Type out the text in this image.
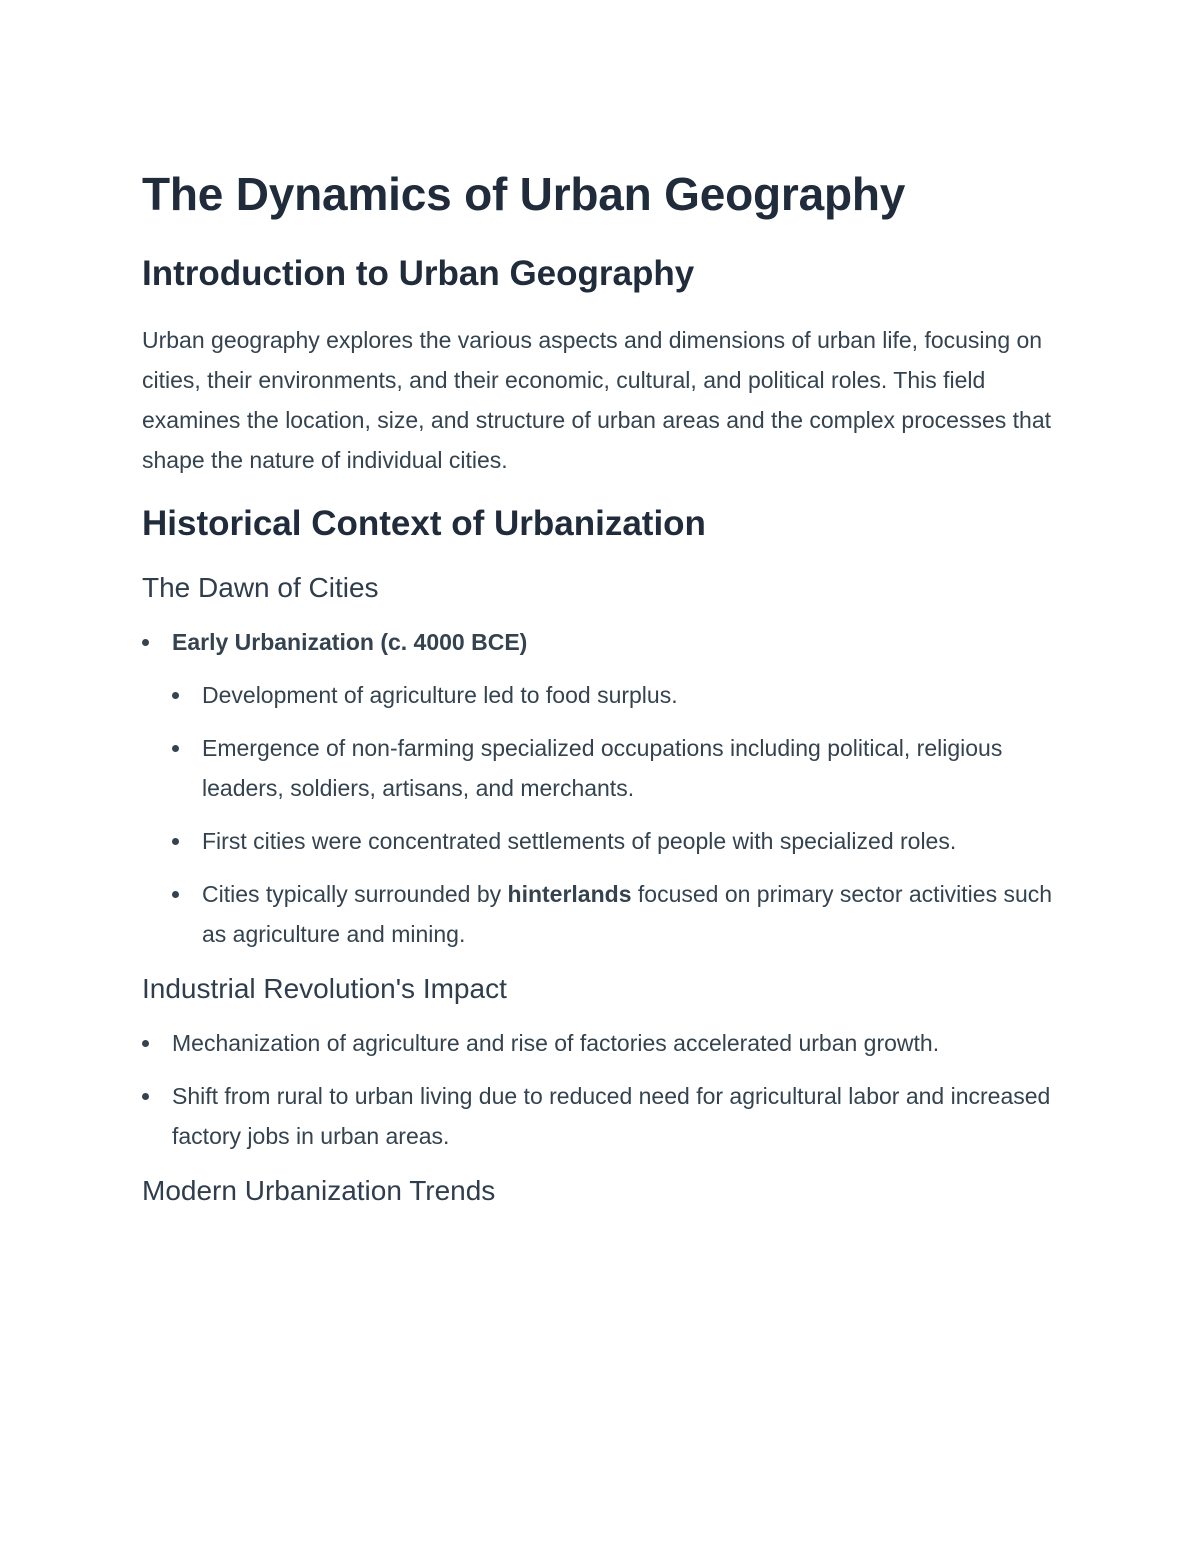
The Dynamics of Urban Geography
Introduction to Urban Geography

Urban geography explores the various aspects and dimensions of urban life, focusing on cities, their environments, and their economic, cultural, and political roles. This field examines the location, size, and structure of urban areas and the complex processes that shape the nature of individual cities.

Historical Context of Urbanization
The Dawn of Cities
Early Urbanization (c. 4000 BCE)
Development of agriculture led to food surplus.
Emergence of non-farming specialized occupations including political, religious leaders, soldiers, artisans, and merchants.
First cities were concentrated settlements of people with specialized roles.
Cities typically surrounded by hinterlands focused on primary sector activities such as agriculture and mining.
Industrial Revolution's Impact
Mechanization of agriculture and rise of factories accelerated urban growth.
Shift from rural to urban living due to reduced need for agricultural labor and increased factory jobs in urban areas.
Modern Urbanization Trends
